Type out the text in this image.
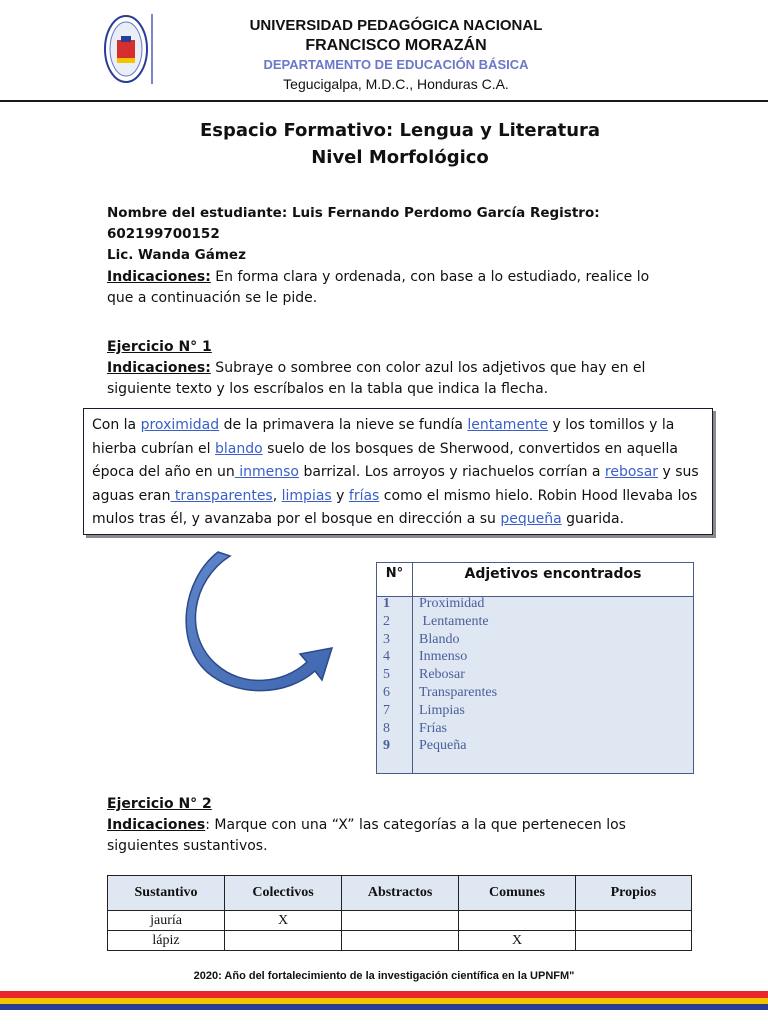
UNIVERSIDAD PEDAGÓGICA NACIONAL
FRANCISCO MORAZÁN
DEPARTAMENTO DE EDUCACIÓN BÁSICA
Tegucigalpa, M.D.C., Honduras C.A.
Espacio Formativo: Lengua y Literatura
Nivel Morfológico
Nombre del estudiante: Luis Fernando Perdomo García Registro: 602199700152
Lic. Wanda Gámez
Indicaciones: En forma clara y ordenada, con base a lo estudiado, realice lo que a continuación se le pide.
Ejercicio N° 1
Indicaciones: Subraye o sombree con color azul los adjetivos que hay en el siguiente texto y los escríbalos en la tabla que indica la flecha.
Con la proximidad de la primavera la nieve se fundía lentamente y los tomillos y la hierba cubrían el blando suelo de los bosques de Sherwood, convertidos en aquella época del año en un inmenso barrizal. Los arroyos y riachuelos corrían a rebosar y sus aguas eran transparentes, limpias y frías como el mismo hielo. Robin Hood llevaba los mulos tras él, y avanzaba por el bosque en dirección a su pequeña guarida.
N°	Adjetivos encontrados
1 Proximidad
2 Lentamente
3 Blando
4 Inmenso
5 Rebosar
6 Transparentes
7 Limpias
8 Frías
9 Pequeña
Ejercicio N° 2
Indicaciones: Marque con una “X” las categorías a la que pertenecen los siguientes sustantivos.
Sustantivo	Colectivos	Abstractos	Comunes	Propios
jauría	X			
lápiz			X	
2020: Año del fortalecimiento de la investigación científica en la UPNFM"
